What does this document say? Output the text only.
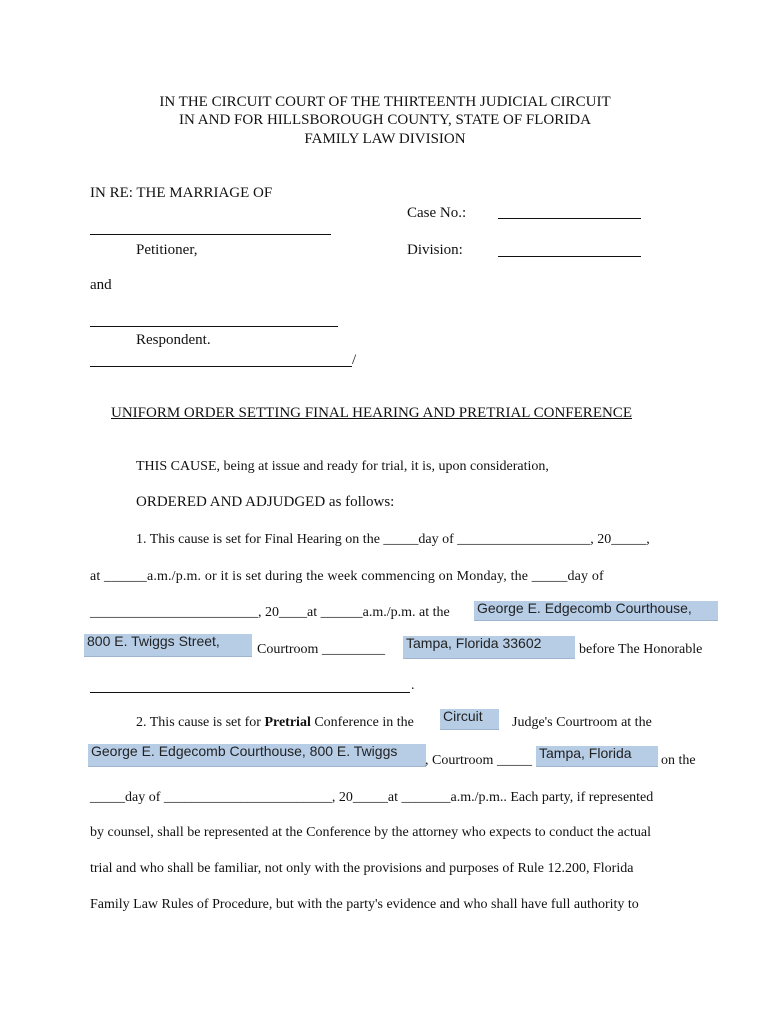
IN THE CIRCUIT COURT OF THE THIRTEENTH JUDICIAL CIRCUIT
IN AND FOR HILLSBOROUGH COUNTY, STATE OF FLORIDA
FAMILY LAW DIVISION
IN RE: THE MARRIAGE OF
Case No.:
Petitioner,	Division:
and
Respondent.
/
UNIFORM ORDER SETTING FINAL HEARING AND PRETRIAL CONFERENCE
THIS CAUSE, being at issue and ready for trial, it is, upon consideration,
ORDERED AND ADJUDGED as follows:
1. This cause is set for Final Hearing on the _____day of ___________________, 20_____,
at ______a.m./p.m. or it is set during the week commencing on Monday, the _____day of
________________________, 20____at ______a.m./p.m. at the George E. Edgecomb Courthouse,
800 E. Twiggs Street,
Courtroom _________ Tampa, Florida 33602	before The Honorable
.
2. This cause is set for Pretrial Conference in the Circuit Judge's Courtroom at the
George E. Edgecomb Courthouse, 800 E. Twiggs
, Courtroom _____ Tampa, Florida on the
_____day of ________________________, 20_____at _______a.m./p.m.. Each party, if represented
by counsel, shall be represented at the Conference by the attorney who expects to conduct the actual
trial and who shall be familiar, not only with the provisions and purposes of Rule 12.200, Florida
Family Law Rules of Procedure, but with the party's evidence and who shall have full authority to
